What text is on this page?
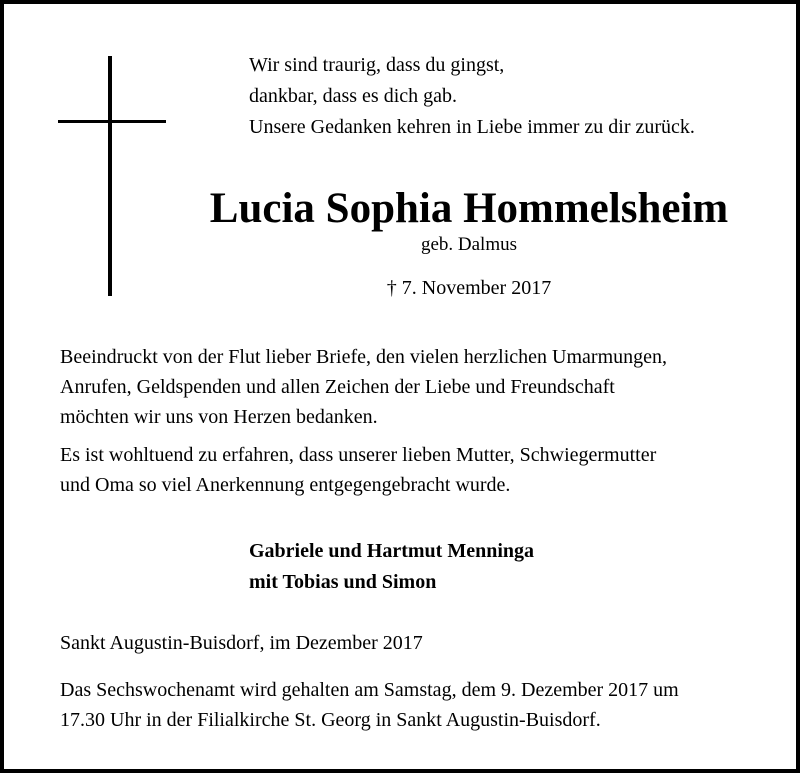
Wir sind traurig, dass du gingst,
dankbar, dass es dich gab.
Unsere Gedanken kehren in Liebe immer zu dir zurück.
Lucia Sophia Hommelsheim
geb. Dalmus
† 7. November 2017
Beeindruckt von der Flut lieber Briefe, den vielen herzlichen Umarmungen,
Anrufen, Geldspenden und allen Zeichen der Liebe und Freundschaft
möchten wir uns von Herzen bedanken.
Es ist wohltuend zu erfahren, dass unserer lieben Mutter, Schwiegermutter
und Oma so viel Anerkennung entgegengebracht wurde.
Gabriele und Hartmut Menninga
mit Tobias und Simon
Sankt Augustin-Buisdorf, im Dezember 2017
Das Sechswochenamt wird gehalten am Samstag, dem 9. Dezember 2017 um
17.30 Uhr in der Filialkirche St. Georg in Sankt Augustin-Buisdorf.
